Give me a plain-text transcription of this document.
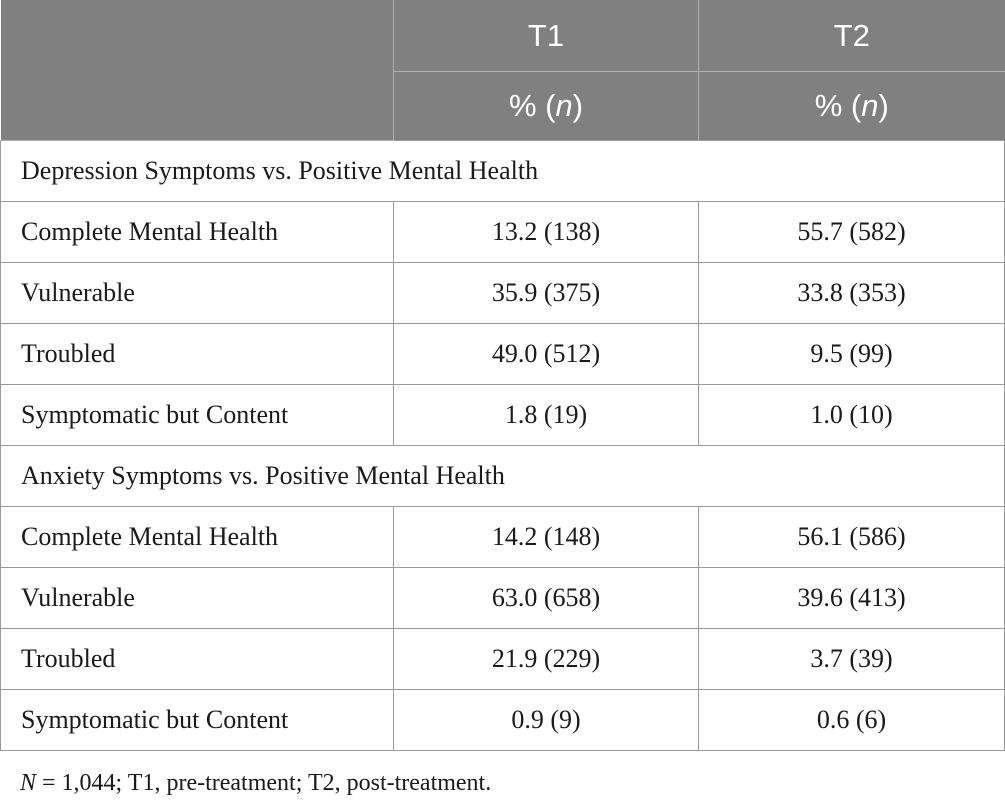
	T1	T2
	% (n)	% (n)
Depression Symptoms vs. Positive Mental Health		
Complete Mental Health	13.2 (138)	55.7 (582)
Vulnerable	35.9 (375)	33.8 (353)
Troubled	49.0 (512)	9.5 (99)
Symptomatic but Content	1.8 (19)	1.0 (10)
Anxiety Symptoms vs. Positive Mental Health		
Complete Mental Health	14.2 (148)	56.1 (586)
Vulnerable	63.0 (658)	39.6 (413)
Troubled	21.9 (229)	3.7 (39)
Symptomatic but Content	0.9 (9)	0.6 (6)
N = 1,044; T1, pre-treatment; T2, post-treatment.
